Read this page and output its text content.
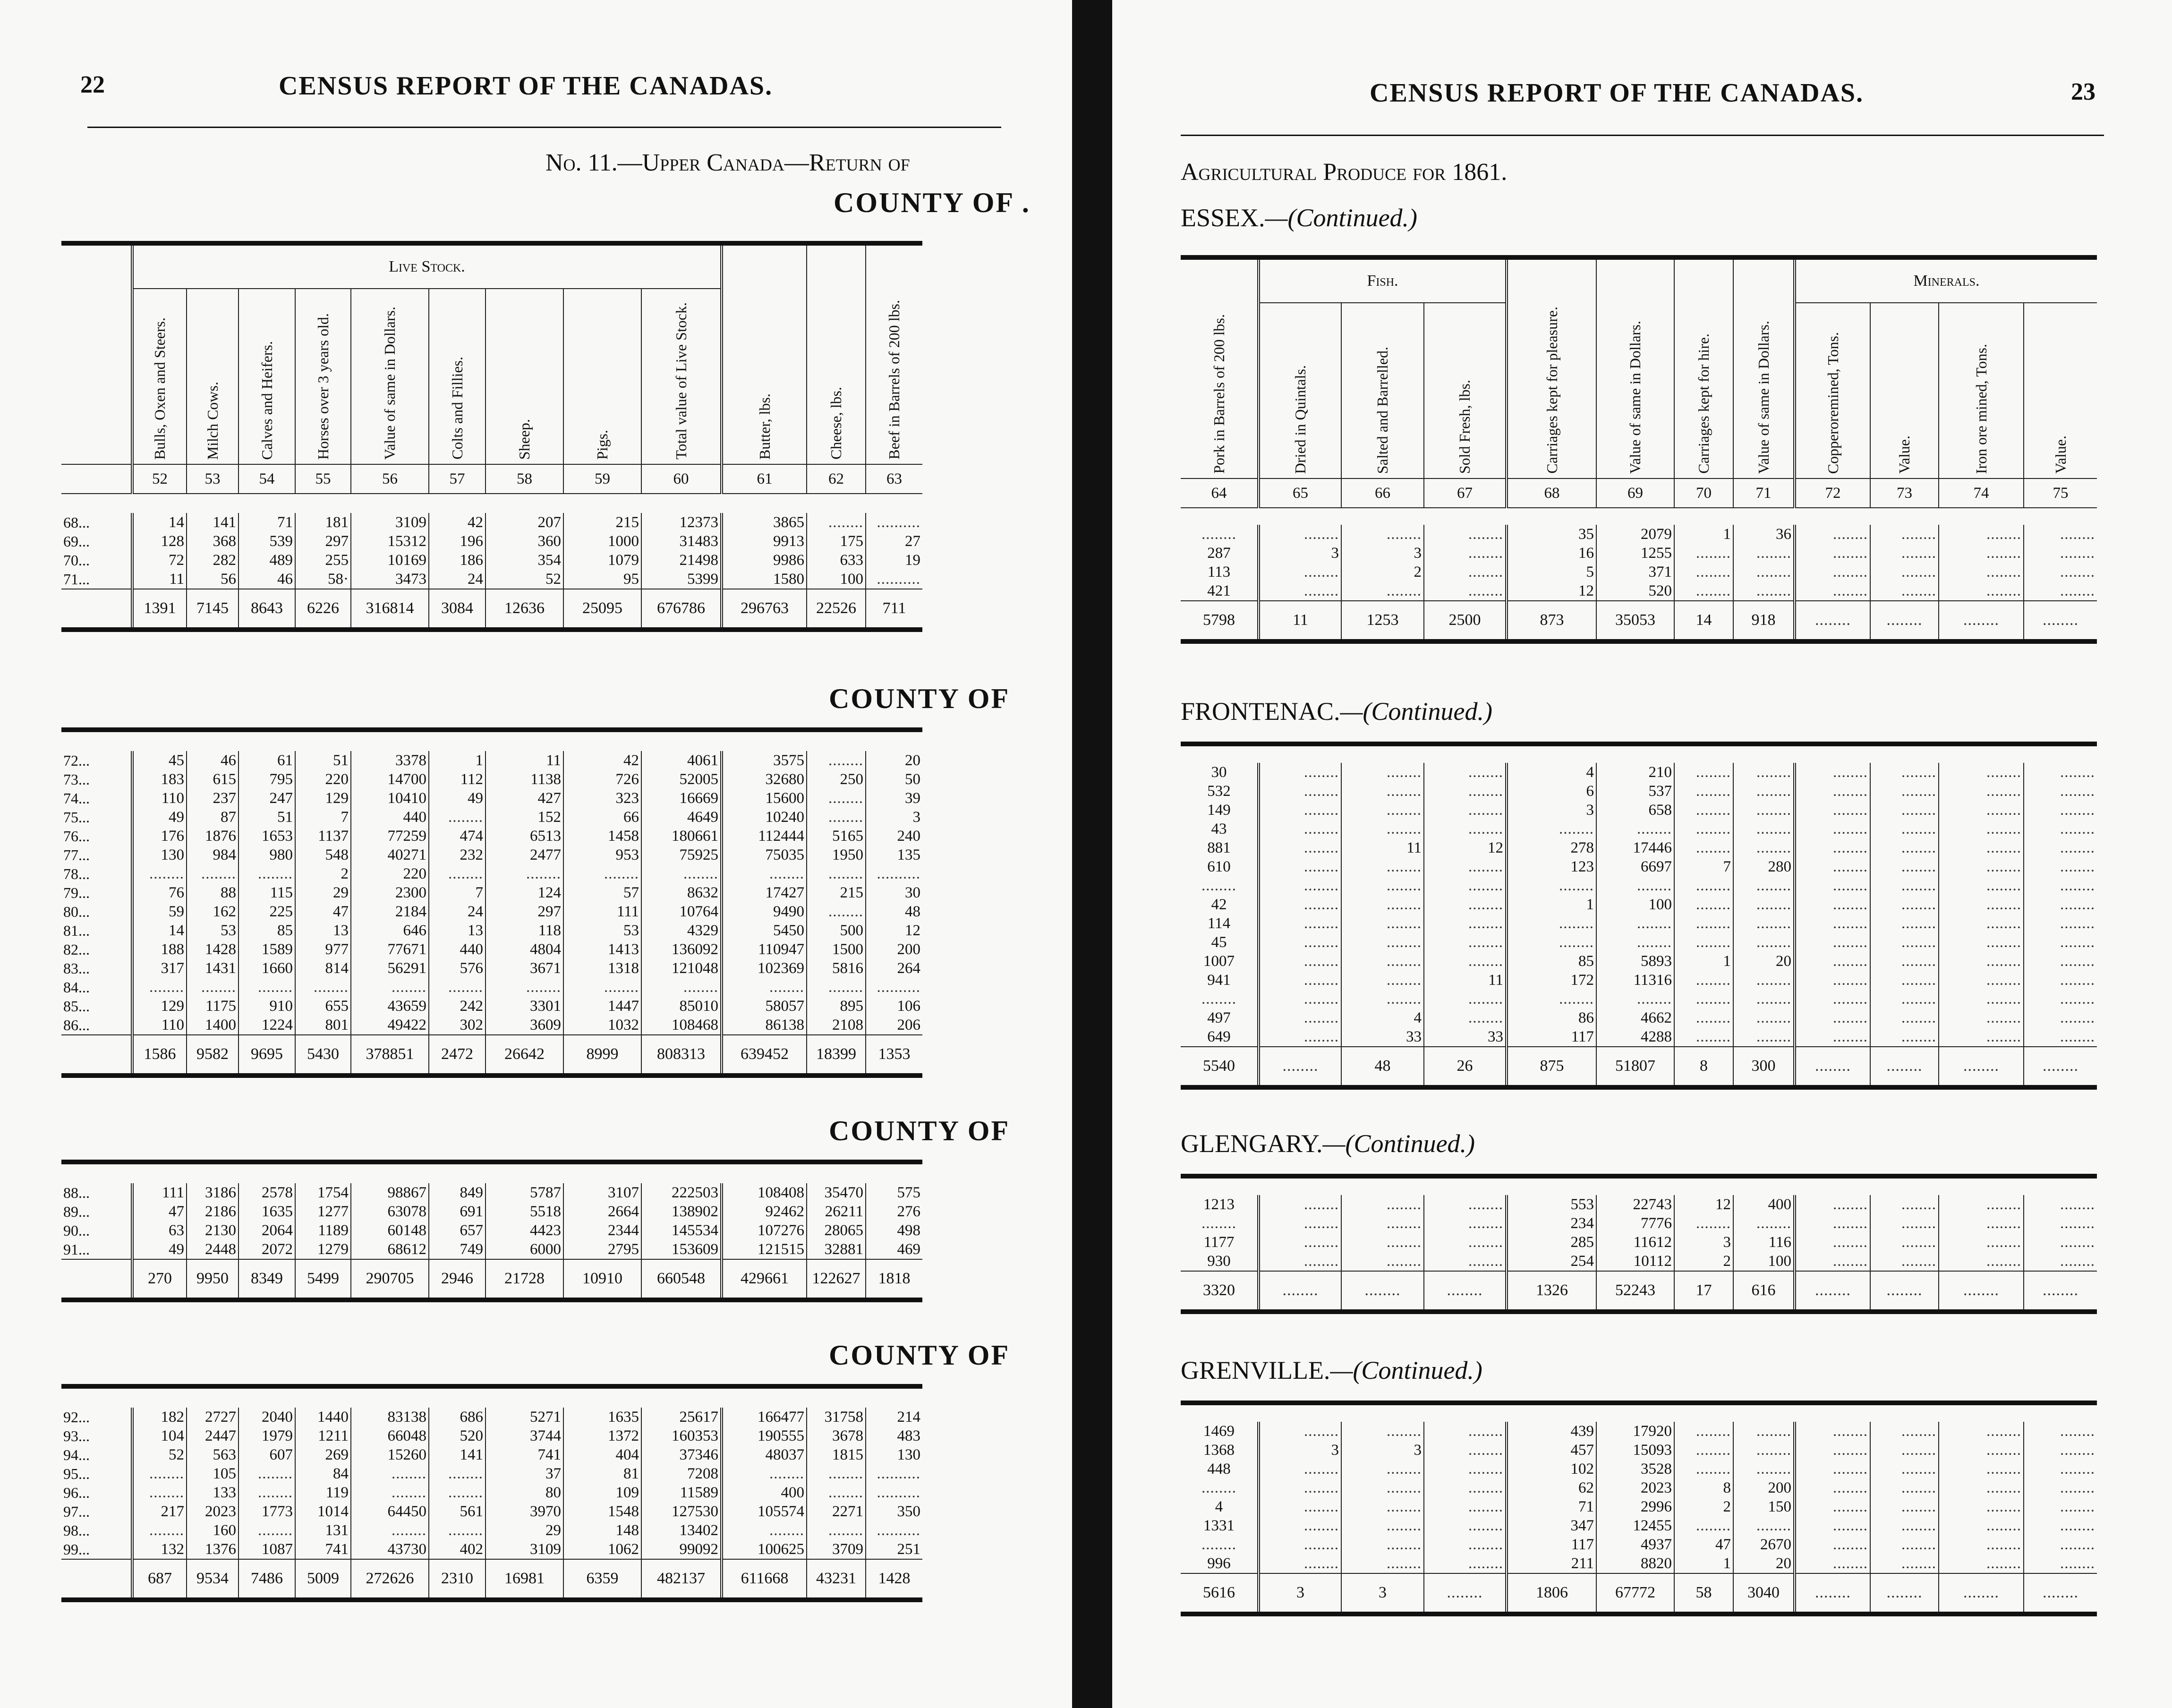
22	CENSUS REPORT OF THE CANADAS.
No. 11.—Upper Canada—Return of
COUNTY OF .
	Live Stock.									Butter, lbs.	Cheese, lbs.	Beef in Barrels of 200 lbs.
	Bulls, Oxen and Steers.	Milch Cows.	Calves and Heifers.	Horses over 3 years old.	Value of same in Dollars.	Colts and Fillies.	Sheep.	Pigs.	Total value of Live Stock.			
	52	53	54	55	56	57	58	59	60	61	62	63

68...	14	141	71	181	3109	42	207	215	12373	3865	........	..........
69...	128	368	539	297	15312	196	360	1000	31483	9913	175	27
70...	72	282	489	255	10169	186	354	1079	21498	9986	633	19
71...	11	56	46	58·	3473	24	52	95	5399	1580	100	..........
	1391	7145	8643	6226	316814	3084	12636	25095	676786	296763	22526	711
COUNTY OF

72...	45	46	61	51	3378	1	11	42	4061	3575	........	20
73...	183	615	795	220	14700	112	1138	726	52005	32680	250	50
74...	110	237	247	129	10410	49	427	323	16669	15600	........	39
75...	49	87	51	7	440	........	152	66	4649	10240	........	3
76...	176	1876	1653	1137	77259	474	6513	1458	180661	112444	5165	240
77...	130	984	980	548	40271	232	2477	953	75925	75035	1950	135
78...	........	........	........	2	220	........	........	........	........	........	........	..........
79...	76	88	115	29	2300	7	124	57	8632	17427	215	30
80...	59	162	225	47	2184	24	297	111	10764	9490	........	48
81...	14	53	85	13	646	13	118	53	4329	5450	500	12
82...	188	1428	1589	977	77671	440	4804	1413	136092	110947	1500	200
83...	317	1431	1660	814	56291	576	3671	1318	121048	102369	5816	264
84...	........	........	........	........	........	........	........	........	........	........	........	..........
85...	129	1175	910	655	43659	242	3301	1447	85010	58057	895	106
86...	110	1400	1224	801	49422	302	3609	1032	108468	86138	2108	206
	1586	9582	9695	5430	378851	2472	26642	8999	808313	639452	18399	1353
COUNTY OF

88...	111	3186	2578	1754	98867	849	5787	3107	222503	108408	35470	575
89...	47	2186	1635	1277	63078	691	5518	2664	138902	92462	26211	276
90...	63	2130	2064	1189	60148	657	4423	2344	145534	107276	28065	498
91...	49	2448	2072	1279	68612	749	6000	2795	153609	121515	32881	469
	270	9950	8349	5499	290705	2946	21728	10910	660548	429661	122627	1818
COUNTY OF

92...	182	2727	2040	1440	83138	686	5271	1635	25617	166477	31758	214
93...	104	2447	1979	1211	66048	520	3744	1372	160353	190555	3678	483
94...	52	563	607	269	15260	141	741	404	37346	48037	1815	130
95...	........	105	........	84	........	........	37	81	7208	........	........	..........
96...	........	133	........	119	........	........	80	109	11589	400	........	..........
97...	217	2023	1773	1014	64450	561	3970	1548	127530	105574	2271	350
98...	........	160	........	131	........	........	29	148	13402	........	........	..........
99...	132	1376	1087	741	43730	402	3109	1062	99092	100625	3709	251
	687	9534	7486	5009	272626	2310	16981	6359	482137	611668	43231	1428
CENSUS REPORT OF THE CANADAS.	23
Agricultural Produce for 1861.
ESSEX.—(Continued.)
Pork in Barrels of 200 lbs.	Fish.			Carriages kept for pleasure.	Value of same in Dollars.	Carriages kept for hire.	Value of same in Dollars.	Minerals.			
	Dried in Quintals.	Salted and Barrelled.	Sold Fresh, lbs.					Copperoremined, Tons.	Value.	Iron ore mined, Tons.	Value.
64	65	66	67	68	69	70	71	72	73	74	75

........	........	........	........	35	2079	1	36	........	........	........	........
287	3	3	........	16	1255	........	........	........	........	........	........
113	........	2	........	5	371	........	........	........	........	........	........
421	........	........	........	12	520	........	........	........	........	........	........
5798	11	1253	2500	873	35053	14	918	........	........	........	........
FRONTENAC.—(Continued.)

30	........	........	........	4	210	........	........	........	........	........	........
532	........	........	........	6	537	........	........	........	........	........	........
149	........	........	........	3	658	........	........	........	........	........	........
43	........	........	........	........	........	........	........	........	........	........	........
881	........	11	12	278	17446	........	........	........	........	........	........
610	........	........	........	123	6697	7	280	........	........	........	........
........	........	........	........	........	........	........	........	........	........	........	........
42	........	........	........	1	100	........	........	........	........	........	........
114	........	........	........	........	........	........	........	........	........	........	........
45	........	........	........	........	........	........	........	........	........	........	........
1007	........	........	........	85	5893	1	20	........	........	........	........
941	........	........	11	172	11316	........	........	........	........	........	........
........	........	........	........	........	........	........	........	........	........	........	........
497	........	4	........	86	4662	........	........	........	........	........	........
649	........	33	33	117	4288	........	........	........	........	........	........
5540	........	48	26	875	51807	8	300	........	........	........	........
GLENGARY.—(Continued.)

1213	........	........	........	553	22743	12	400	........	........	........	........
........	........	........	........	234	7776	........	........	........	........	........	........
1177	........	........	........	285	11612	3	116	........	........	........	........
930	........	........	........	254	10112	2	100	........	........	........	........
3320	........	........	........	1326	52243	17	616	........	........	........	........
GRENVILLE.—(Continued.)

1469	........	........	........	439	17920	........	........	........	........	........	........
1368	3	3	........	457	15093	........	........	........	........	........	........
448	........	........	........	102	3528	........	........	........	........	........	........
........	........	........	........	62	2023	8	200	........	........	........	........
4	........	........	........	71	2996	2	150	........	........	........	........
1331	........	........	........	347	12455	........	........	........	........	........	........
........	........	........	........	117	4937	47	2670	........	........	........	........
996	........	........	........	211	8820	1	20	........	........	........	........
5616	3	3	........	1806	67772	58	3040	........	........	........	........
